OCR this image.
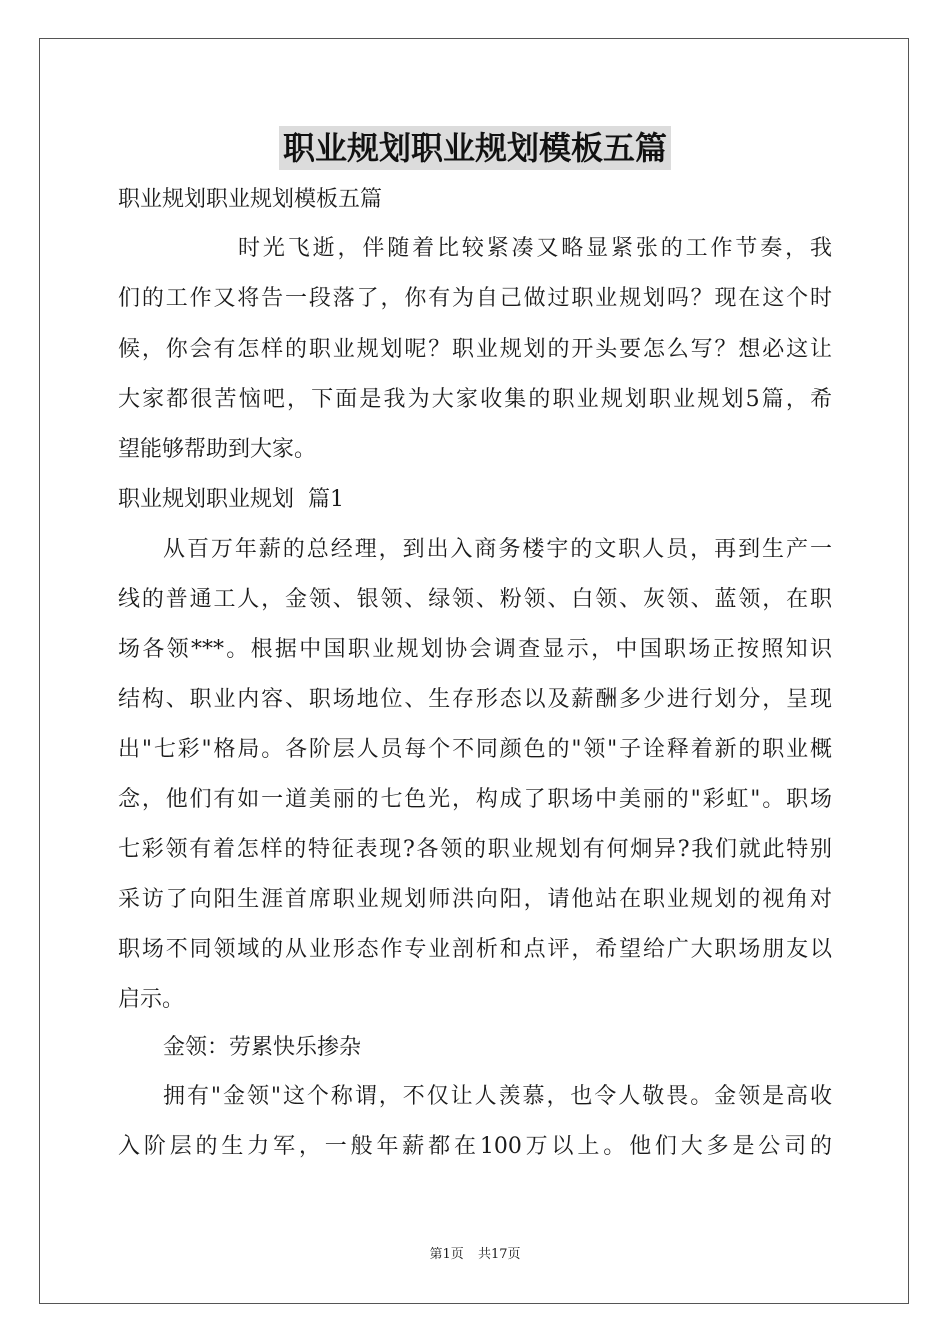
职业规划职业规划模板五篇

职业规划职业规划模板五篇

时光飞逝，伴随着比较紧凑又略显紧张的工作节奏，我

们的工作又将告一段落了，你有为自己做过职业规划吗？现在这个时

候，你会有怎样的职业规划呢？职业规划的开头要怎么写？想必这让

大家都很苦恼吧，下面是我为大家收集的职业规划职业规划5篇，希

望能够帮助到大家。

职业规划职业规划  篇1

从百万年薪的总经理，到出入商务楼宇的文职人员，再到生产一

线的普通工人，金领、银领、绿领、粉领、白领、灰领、蓝领，在职

场各领***。根据中国职业规划协会调查显示，中国职场正按照知识

结构、职业内容、职场地位、生存形态以及薪酬多少进行划分，呈现

出"七彩"格局。各阶层人员每个不同颜色的"领"子诠释着新的职业概

念，他们有如一道美丽的七色光，构成了职场中美丽的"彩虹"。职场

七彩领有着怎样的特征表现?各领的职业规划有何炯异?我们就此特别

采访了向阳生涯首席职业规划师洪向阳，请他站在职业规划的视角对

职场不同领域的从业形态作专业剖析和点评，希望给广大职场朋友以

启示。

金领：劳累快乐掺杂

拥有"金领"这个称谓，不仅让人羡慕，也令人敬畏。金领是高收

入阶层的生力军，一般年薪都在100万以上。他们大多是公司的

第1页 共17页
